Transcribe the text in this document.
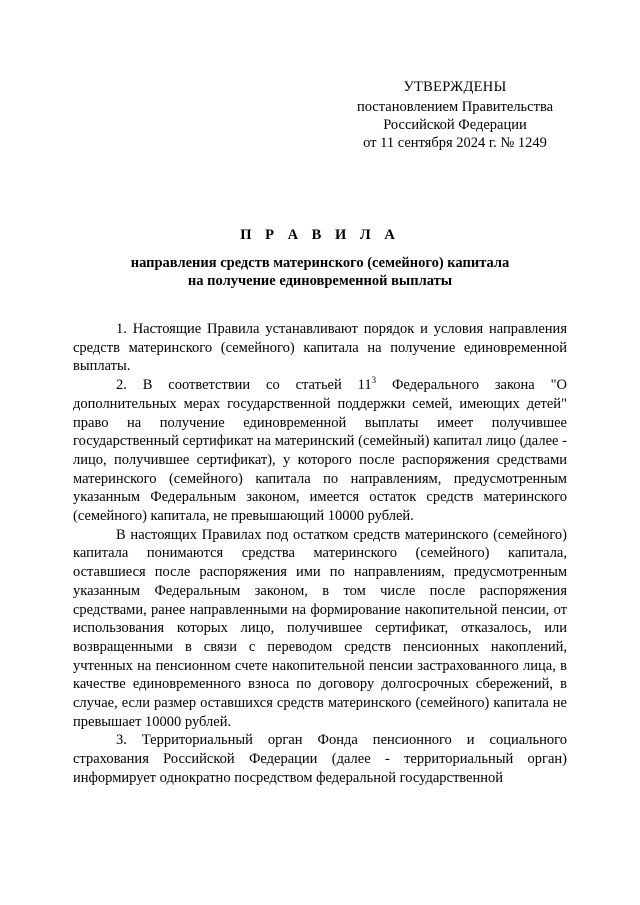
УТВЕРЖДЕНЫ
постановлением Правительства
Российской Федерации
от 11 сентября 2024 г. № 1249
П Р А В И Л А
направления средств материнского (семейного) капитала
на получение единовременной выплаты

1. Настоящие Правила устанавливают порядок и условия направления средств материнского (семейного) капитала на получение единовременной выплаты.

2. В соответствии со статьей $11^3$ Федерального закона "О дополнительных мерах государственной поддержки семей, имеющих детей" право на получение единовременной выплаты имеет получившее государственный сертификат на материнский (семейный) капитал лицо (далее - лицо, получившее сертификат), у которого после распоряжения средствами материнского (семейного) капитала по направлениям, предусмотренным указанным Федеральным законом, имеется остаток средств материнского (семейного) капитала, не превышающий 10000 рублей.

В настоящих Правилах под остатком средств материнского (семейного) капитала понимаются средства материнского (семейного) капитала, оставшиеся после распоряжения ими по направлениям, предусмотренным указанным Федеральным законом, в том числе после распоряжения средствами, ранее направленными на формирование накопительной пенсии, от использования которых лицо, получившее сертификат, отказалось, или возвращенными в связи с переводом средств пенсионных накоплений, учтенных на пенсионном счете накопительной пенсии застрахованного лица, в качестве единовременного взноса по договору долгосрочных сбережений, в случае, если размер оставшихся средств материнского (семейного) капитала не превышает 10000 рублей.

3. Территориальный орган Фонда пенсионного и социального страхования Российской Федерации (далее - территориальный орган) информирует однократно посредством федеральной государственной
